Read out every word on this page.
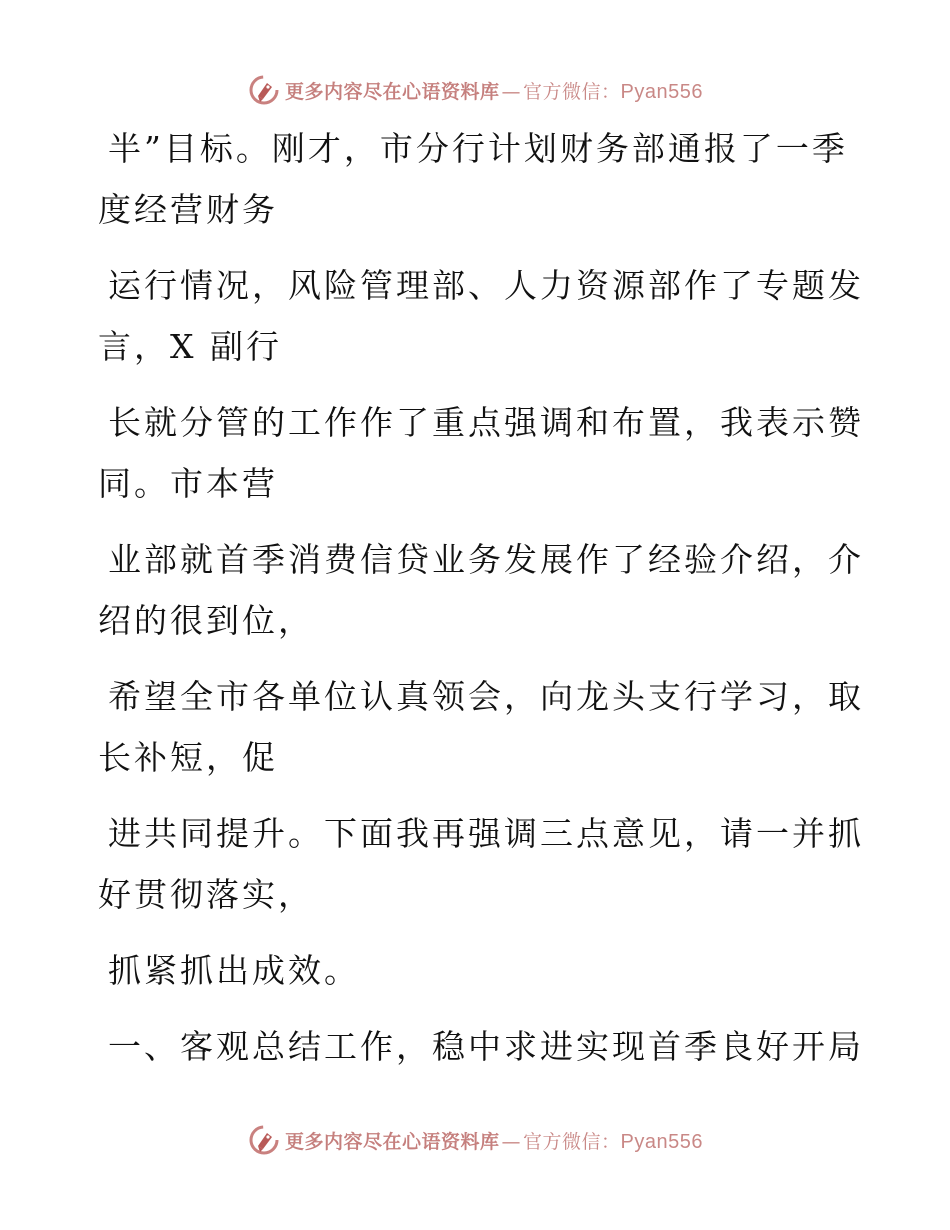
更多内容尽在心语资料库 — 官方微信：Pyan556
半”目标。刚才，市分行计划财务部通报了一季
度经营财务
运行情况，风险管理部、人力资源部作了专题发
言，X 副行
长就分管的工作作了重点强调和布置，我表示赞
同。市本营
业部就首季消费信贷业务发展作了经验介绍，介
绍的很到位，
希望全市各单位认真领会，向龙头支行学习，取
长补短，促
进共同提升。下面我再强调三点意见，请一并抓
好贯彻落实，
抓紧抓出成效。
一、客观总结工作，稳中求进实现首季良好开局
更多内容尽在心语资料库 — 官方微信：Pyan556
